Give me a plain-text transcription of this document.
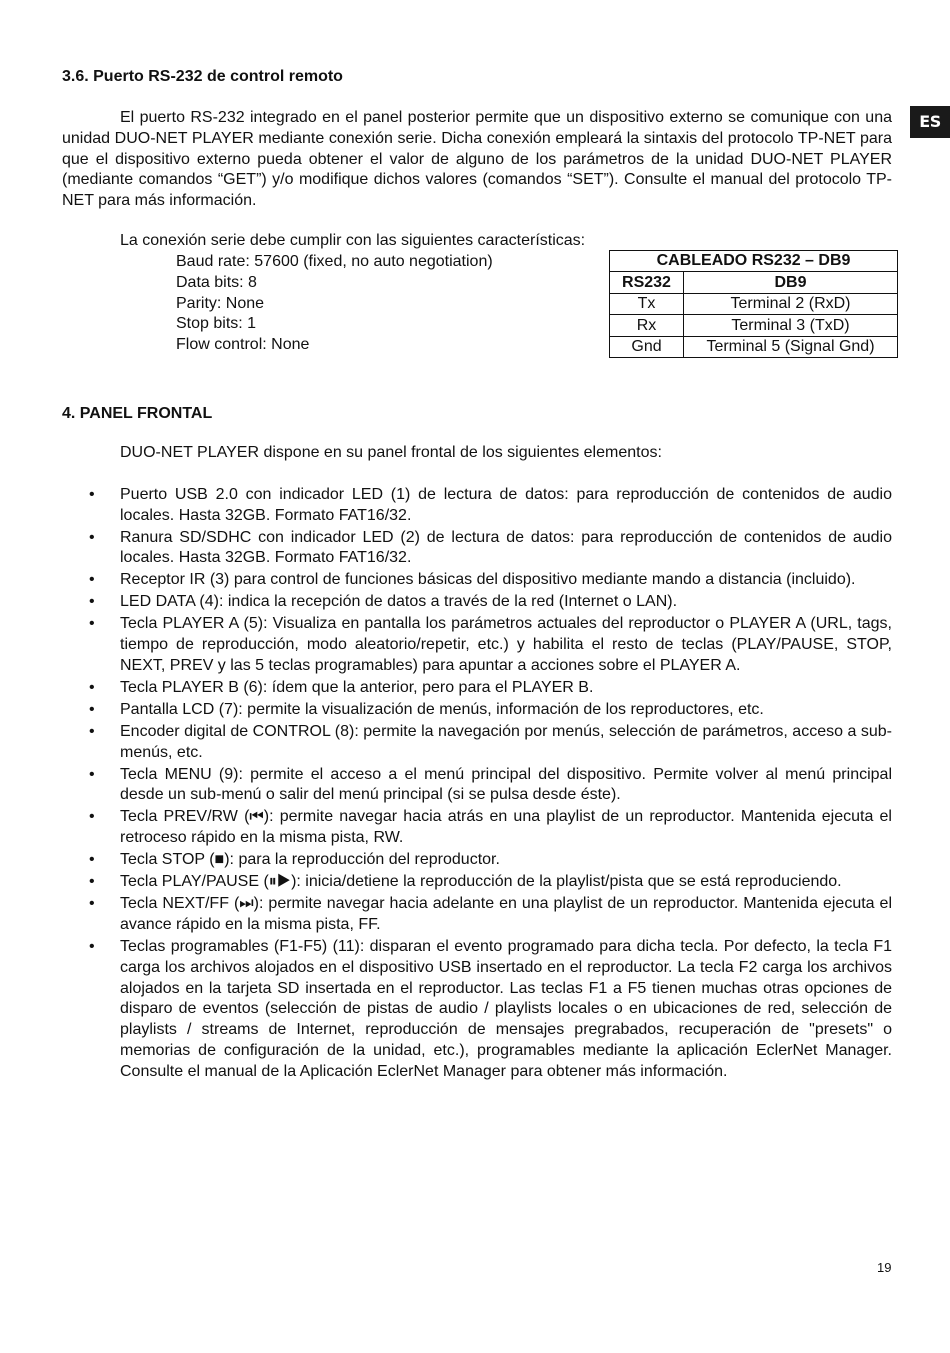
ES
3.6. Puerto RS-232 de control remoto

El puerto RS-232 integrado en el panel posterior permite que un dispositivo externo se comunique con una unidad DUO-NET PLAYER mediante conexión serie. Dicha conexión empleará la sintaxis del protocolo TP-NET para que el dispositivo externo pueda obtener el valor de alguno de los parámetros de la unidad DUO-NET PLAYER (mediante comandos “GET”) y/o modifique dichos valores (comandos “SET”). Consulte el manual del protocolo TP-NET para más información.

La conexión serie debe cumplir con las siguientes características:
Baud rate: 57600 (fixed, no auto negotiation)
Data bits: 8
Parity: None
Stop bits: 1
Flow control: None
CABLEADO RS232 – DB9	
RS232	DB9
Tx	Terminal 2 (RxD)
Rx	Terminal 3 (TxD)
Gnd	Terminal 5 (Signal Gnd)
4. PANEL FRONTAL

DUO-NET PLAYER dispone en su panel frontal de los siguientes elementos:

• Puerto USB 2.0 con indicador LED (1) de lectura de datos: para reproducción de contenidos de audio locales. Hasta 32GB. Formato FAT16/32.
• Ranura SD/SDHC con indicador LED (2) de lectura de datos: para reproducción de contenidos de audio locales. Hasta 32GB. Formato FAT16/32.
• Receptor IR (3) para control de funciones básicas del dispositivo mediante mando a distancia (incluido).
• LED DATA (4): indica la recepción de datos a través de la red (Internet o LAN).
• Tecla PLAYER A (5): Visualiza en pantalla los parámetros actuales del reproductor o PLAYER A (URL, tags, tiempo de reproducción, modo aleatorio/repetir, etc.) y habilita el resto de teclas (PLAY/PAUSE, STOP, NEXT, PREV y las 5 teclas programables) para apuntar a acciones sobre el PLAYER A.
• Tecla PLAYER B (6): ídem que la anterior, pero para el PLAYER B.
• Pantalla LCD (7): permite la visualización de menús, información de los reproductores, etc.
• Encoder digital de CONTROL (8): permite la navegación por menús, selección de parámetros, acceso a sub-menús, etc.
• Tecla MENU (9): permite el acceso a el menú principal del dispositivo. Permite volver al menú principal desde un sub-menú o salir del menú principal (si se pulsa desde éste).
• Tecla PREV/RW (⏮): permite navegar hacia atrás en una playlist de un reproductor. Mantenida ejecuta el retroceso rápido en la misma pista, RW.
• Tecla STOP (■): para la reproducción del reproductor.
• Tecla PLAY/PAUSE (⏸▶): inicia/detiene la reproducción de la playlist/pista que se está reproduciendo.
• Tecla NEXT/FF (⏭): permite navegar hacia adelante en una playlist de un reproductor. Mantenida ejecuta el avance rápido en la misma pista, FF.
• Teclas programables (F1-F5) (11): disparan el evento programado para dicha tecla. Por defecto, la tecla F1 carga los archivos alojados en el dispositivo USB insertado en el reproductor. La tecla F2 carga los archivos alojados en la tarjeta SD insertada en el reproductor. Las teclas F1 a F5 tienen muchas otras opciones de disparo de eventos (selección de pistas de audio / playlists locales o en ubicaciones de red, selección de playlists / streams de Internet, reproducción de mensajes pregrabados, recuperación de "presets" o memorias de configuración de la unidad, etc.), programables mediante la aplicación EclerNet Manager. Consulte el manual de la Aplicación EclerNet Manager para obtener más información.
19
